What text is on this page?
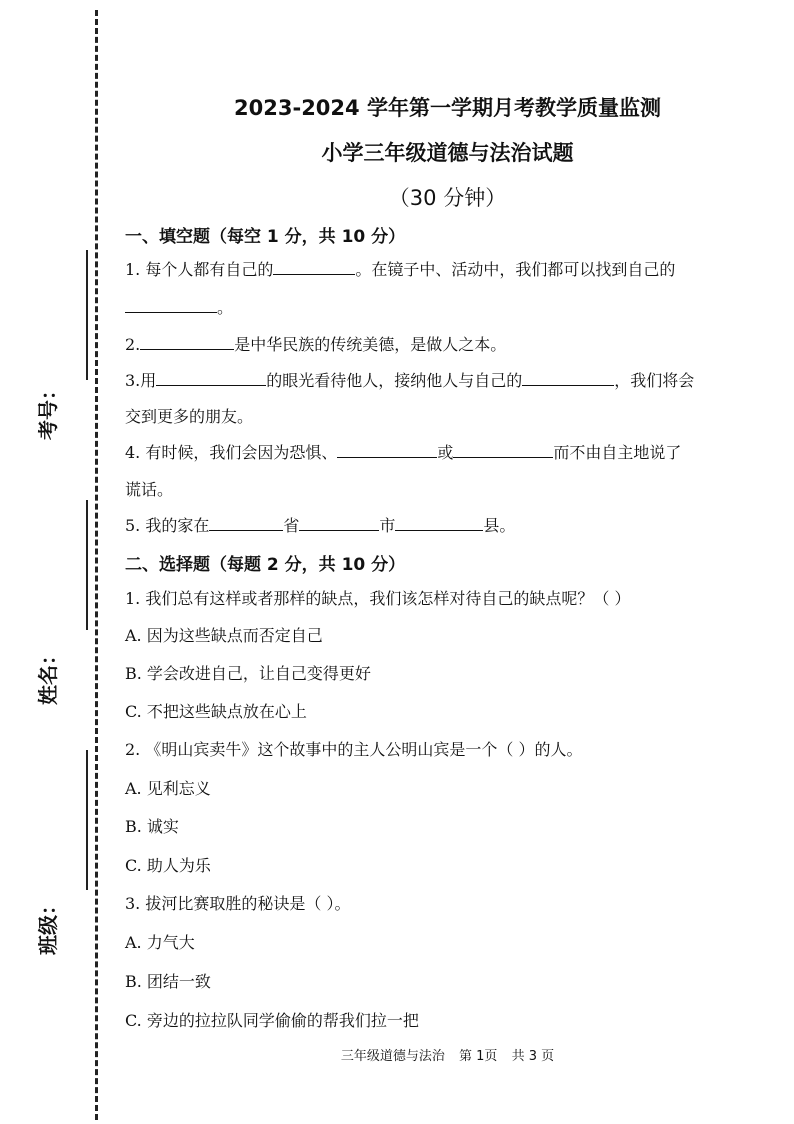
考号：
姓名：
班级：
2023-2024 学年第一学期月考教学质量监测
小学三年级道德与法治试题
（30 分钟）
一、填空题（每空 1 分，共 10 分）
1. 每个人都有自己的	。在镜子中、活动中，我们都可以找到自己的
。
2.	是中华民族的传统美德，是做人之本。
3.用	的眼光看待他人，接纳他人与自己的	，我们将会
交到更多的朋友。
4. 有时候，我们会因为恐惧、	或	而不由自主地说了
谎话。
5. 我的家在	省	市	县。
二、选择题（每题 2 分，共 10 分）
1. 我们总有这样或者那样的缺点，我们该怎样对待自己的缺点呢？（ ）
A. 因为这些缺点而否定自己
B. 学会改进自己，让自己变得更好
C. 不把这些缺点放在心上
2. 《明山宾卖牛》这个故事中的主人公明山宾是一个（ ）的人。
A. 见利忘义
B. 诚实
C. 助人为乐
3. 拔河比赛取胜的秘诀是（ ）。
A. 力气大
B. 团结一致
C. 旁边的拉拉队同学偷偷的帮我们拉一把
三年级道德与法治 第 1页 共 3 页
